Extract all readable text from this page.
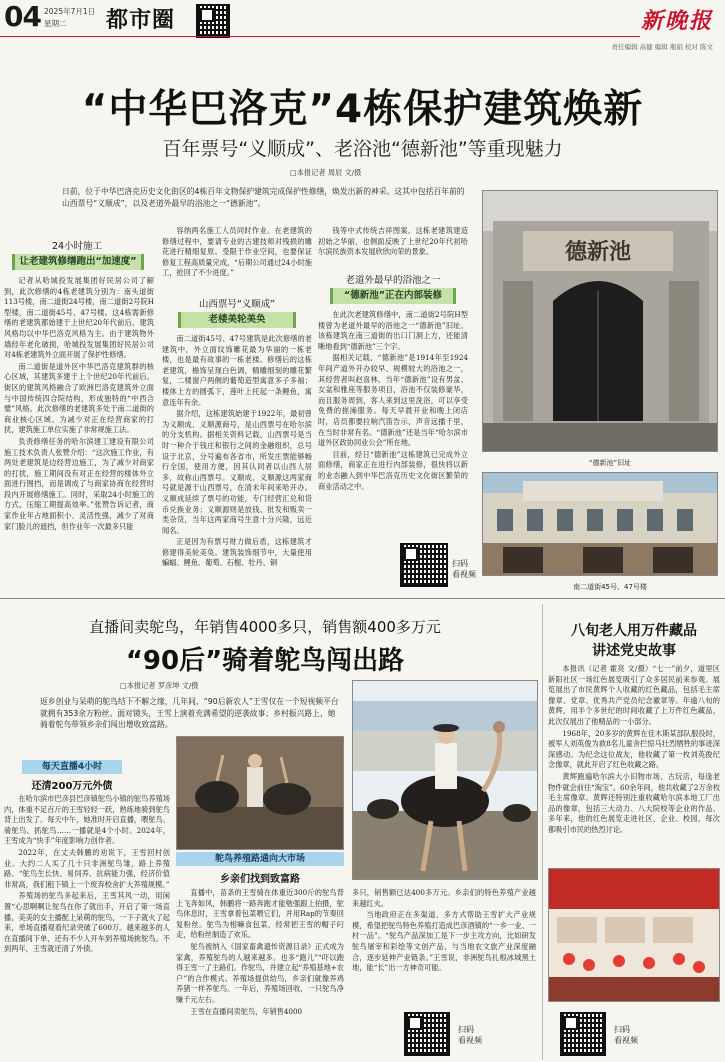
04 2025年7月1日
星期二	都市圈	新晚报
责任编辑 高健 编辑 瓶娟 校对 陈文
“中华巴洛克”4栋保护建筑焕新
百年票号“义顺成”、老浴池“德新池”等重现魅力
□本报记者 周辰 文/摄
日前，位于中华巴洛克历史文化街区的4栋百年文物保护建筑完成保护性修缮，焕发出新的神采。这其中包括百年前的山西票号“义顺成”，以及老道外最早的浴池之一“德新池”。
24小时施工
让老建筑修缮跑出“加速度”

记者从哈城投发展集团好民居公司了解到，此次修缮的4栋老建筑分别为：南头道街113号楼，南二道街24号楼，南二道街2号院H型楼，南二道街45号、47号楼。这4栋需新修缮的老建筑都始建于上世纪20年代前后，建筑风格均以中华巴洛克风格为主。由于建筑物外墙经年老化破损，哈城投发展集团好民居公司对4栋老建筑外立面开展了保护性修缮。

南二道街是道外区中华巴洛克建筑群的核心区域，其建筑多建于上个世纪20年代前后。街区的建筑风格融合了欧洲巴洛克建筑外立面与中国传统四合院结构，形成独特的“中西合璧”风格。此次修缮的老建筑多处于南二道街的商业核心区域。为减少对正在经营商家的打扰，建筑施工单位实施了非常规施工法。

负责修缮任务的哈尔滨建工建设有限公司施工技术负责人张赞介绍：“这次施工作业，有两处老建筑是边经营边施工，为了减少对商家的打扰，施工期间没有对正在经营的楼体外立面进行围挡，而是调成了与商家协商在经营时段内开展修缮施工。同时，采取24小时施工的方式，压缩工期提高效率。”张赞告诉记者，商家作业年占地面积小、灵活性强，减少了对商家门脸儿的遮挡，但作业年一次最多只能

容纳两名施工人员同时作业。在老建筑的修缮过程中，要请专业的古建技师对残损的雕花进行精细复原。受限于作业空间，也要保证修复工程高质量完成，“后期公司通过24小时施工，抢回了不少进度。”

山西票号“义顺成”
老楼美轮美奂

南二道街45号、47号建筑是此次修缮的老建筑中，外立面纹饰雕花最为华丽的一栋老楼，也是最有故事的一栋老楼。修缮后的这栋老建筑，檐饰呈现白色调，精雕细刻的雕花繁复，二楼窗户两侧的葡萄造型寓意多子多福；楼体上方的圆弧下，莲叶上托起一条鲤鱼，寓意连年有余。

据介绍，这栋建筑始建于1922年，最初曾为义顺成、义顺源商号，是山西票号在哈尔滨的分支机构。据相关资料记载，山西票号是当时一种介于钱庄和银行之间的金融组织，总号设于北京，分号遍布各省市，所发庄票能够畅行全国，使用方便，因其认同者以山西人居多，故称山西票号。义顺成、义顺源这两家商号就是源于山西票号，在清末年间来哈开办。义顺成延续了票号的功能，专门经营汇兑和货币兑换业务；义顺源则是放钱、批发和贩卖一类杂货，当年这两家商号生意十分兴隆，远近闻名。

正是因为有票号财力做后盾，这栋建筑才修建得美轮美奂。建筑装饰细节中，大量使用蝙蝠、鲤鱼、葡萄、石榴、牡丹、铜

钱等中式传统吉祥图案。这栋老建筑建造初始之华丽，也侧面反映了上世纪20年代初哈尔滨民族资本发展欣欣向荣的景象。

老道外最早的浴池之一
“德新池”正在内部装修

在此次老建筑修缮中，南二道街2号院H型楼曾为老道外最早的浴池之一“德新池”旧址。该栋建筑在南三道街的出口门洞上方，还能清晰地看到“德新池”三个字。

据相关记载，“德新池”是1914年至1924年间产道外开办较早、规模较大的浴池之一，其经营者叫赵喜林。当年“德新池”设有男盆、女盆和雅座等服务项目，浴池不仅装修豪华，而且服务周到，客人来到这里洗浴，可以享受免费的搓澡服务。每天早晨开业和晚上闭店时，店员都要拉响汽笛告示，声音远播千里，在当时非常有名。“德新池”还是当年“哈尔滨市道外区政协同业公会”所在地。

目前，经日“德新池”这栋建筑已完成外立面修缮，商家正在进行内部装修，很快将以新的业态融入到中华巴洛克历史文化街区繁荣的商业活动之中。

扫码
看视频
德新池
“德新池”旧址
南二道街45号、47号楼
直播间卖鸵鸟，年销售4000多只，销售额400多万元
“90后”骑着鸵鸟闯出路
□本报记者 罗彦坤 文/摄
返乡创业与呆萌的鸵鸟结下不解之缘，几年间，“90后新农人”王雪仅在一个短视频平台就拥有353余万粉丝。面对镜头，王雪上演着充满希望的逆袭故事；乡村振兴路上，她骑着鸵鸟带领乡亲们闯出增收致富路。
每天直播4小时
还清200万元外债

在哈尔滨市巴彦县巴彦镇鸵鸟小镇的鸵鸟养殖场内，体重不足百斤的王雪轻轻一跃，熟练地骑到鸵鸟背上出发了。每天中午，她准时开启直播，喂鸵鸟、骑鸵鸟、抓鸵鸟……一播就是4个小时。2024年，王雪成为“快手”年度影响力创作者。

2022年，在丈夫韩鹏的劝说下，王雪回村创业。大约二人买了几十只非洲鸵鸟雏，路上养殖路。“鸵鸟生长快、易饲养、抗病能力强，经济价值非常高，我们租下镇上一个废弃校舍扩大养殖规模。”

养殖场的鸵鸟多起来后，王雪其风一动，用闲置“心思啊啊让鸵鸟在你了就出手，开启了第一场直播，美美的女主播配上呆萌的鸵鸟，一下子就火了起来，单场直播观看纪录突破了600万。越来越多的人在直播间下单，还有不少人开车到养殖场挑鸵鸟。不到两年，王雪就还清了外债。

鸵鸟养殖路通向大市场
乡亲们找到致富路

直播中，苗条的王雪骑在体重近300斤的鸵鸟背上飞奔如风，韩鹏将一路奔跑才能勉强跟上拍摄，鸵鸟休息时，王雪拿着包菜喂它们，并用Rap的节奏回复粉丝。鸵鸟为相嘛食包菜，经常把王雪的帽子叼走，给粉丝制造了欢乐。

鸵鸟被纳入《国家畜禽遗传资源目录》正式成为家禽，养殖鸵鸟的人越来越多。也多“跑儿”“吓以跑得王雪一了主路们。作鸵鸟，并建立起“养殖基地+农户”的合作模式。养殖场提供幼鸟，乡亲们就像养鸡养猪一样养鸵鸟。一年后，养殖场回收，一只鸵鸟净赚千元左右。

王雪在直播间卖鸵鸟，年销售4000

多只，销售额已达400多万元。乡亲们的特色养殖产业越来越红火。

当地政府正在多渠道、多方式帮助王雪扩大产业规模，希望把鸵鸟特色养殖打造成巴彦酒镇的“一乡一业、一村一品”。“鸵鸟产品深加工是下一步主攻方向，比如研发鸵鸟屠宰和彩绘等文创产品，与当地农文旅产业深度融合，逐步延伸产业链条。”王雪说，非洲鸵鸟扎根冰城黑土地，能“长”出一方神奇可能。

扫码
看视频
八旬老人用万件藏品
讲述党史故事

本报讯（记者 霍亮 文/摄）“七一”前夕，道里区新阳社区一场红色展览吸引了众多居民前来参观。展览展出了市民黄辉个人收藏的红色藏品，包括毛主席像章、党章、优秀共产党员纪念徽章等。年逾八旬的黄辉，用半个多世纪的时间收藏了上万件红色藏品，此次仅展出了他精品的一小部分。

1968年，20多岁的黄辉在佳木斯某部队服役时，被军人刘英俊为救8名儿童舍拦惊马壮烈牺牲的事迹深深感动。为纪念这位战友，他收藏了第一枚刘英俊纪念像章，就此开启了红色收藏之路。

黄辉跑遍哈尔滨大小旧物市场、古玩店，每逢老物件就会前往“淘宝”。60余年间，他共收藏了2万余枚毛主席像章。黄辉还特别注重收藏哈尔滨本地工厂出品的像章，包括三大动力、八大院校等企业的作品、多年来，他的红色展览走进社区、企业、校园，每次都吸引市民的热烈讨论。

扫码
看视频
